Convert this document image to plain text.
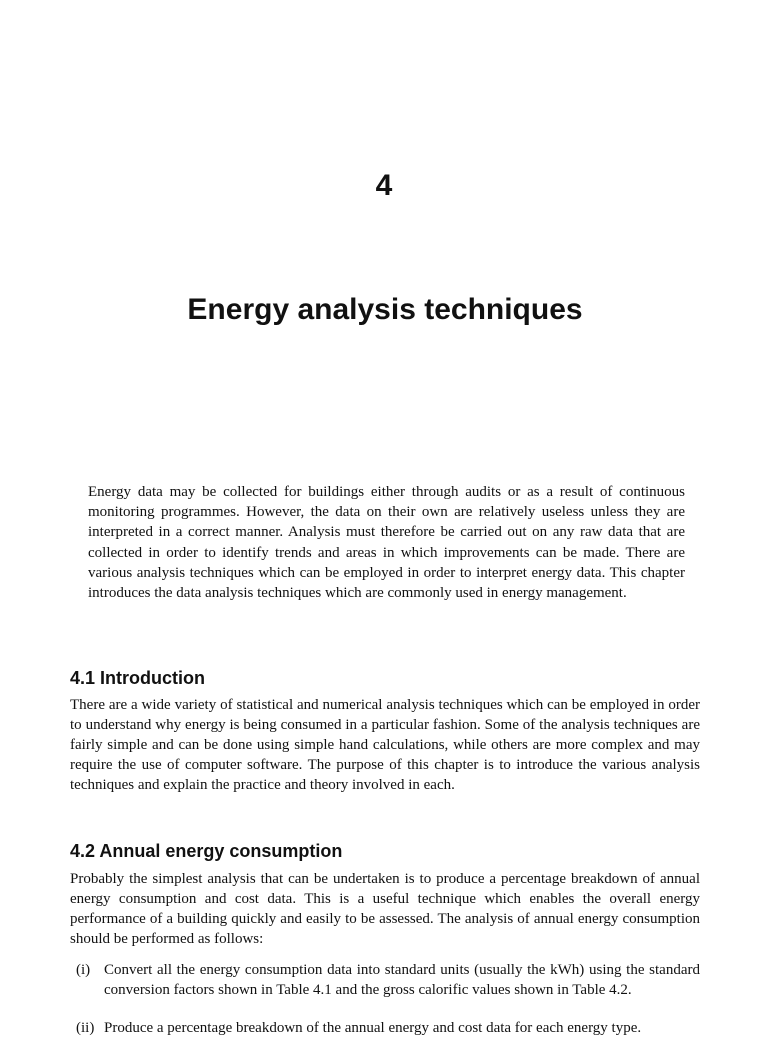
4
Energy analysis techniques

Energy data may be collected for buildings either through audits or as a result of continuous monitoring programmes. However, the data on their own are relatively useless unless they are interpreted in a correct manner. Analysis must therefore be carried out on any raw data that are collected in order to identify trends and areas in which improvements can be made. There are various analysis techniques which can be employed in order to interpret energy data. This chapter introduces the data analysis techniques which are commonly used in energy management.

4.1 Introduction

There are a wide variety of statistical and numerical analysis techniques which can be employed in order to understand why energy is being consumed in a particular fashion. Some of the analysis techniques are fairly simple and can be done using simple hand calculations, while others are more complex and may require the use of computer software. The purpose of this chapter is to introduce the various analysis techniques and explain the practice and theory involved in each.

4.2 Annual energy consumption

Probably the simplest analysis that can be undertaken is to produce a percentage breakdown of annual energy consumption and cost data. This is a useful technique which enables the overall energy performance of a building quickly and easily to be assessed. The analysis of annual energy consumption should be performed as follows:

(i) Convert all the energy consumption data into standard units (usually the kWh) using the standard conversion factors shown in Table 4.1 and the gross calorific values shown in Table 4.2.
(ii) Produce a percentage breakdown of the annual energy and cost data for each energy type.
